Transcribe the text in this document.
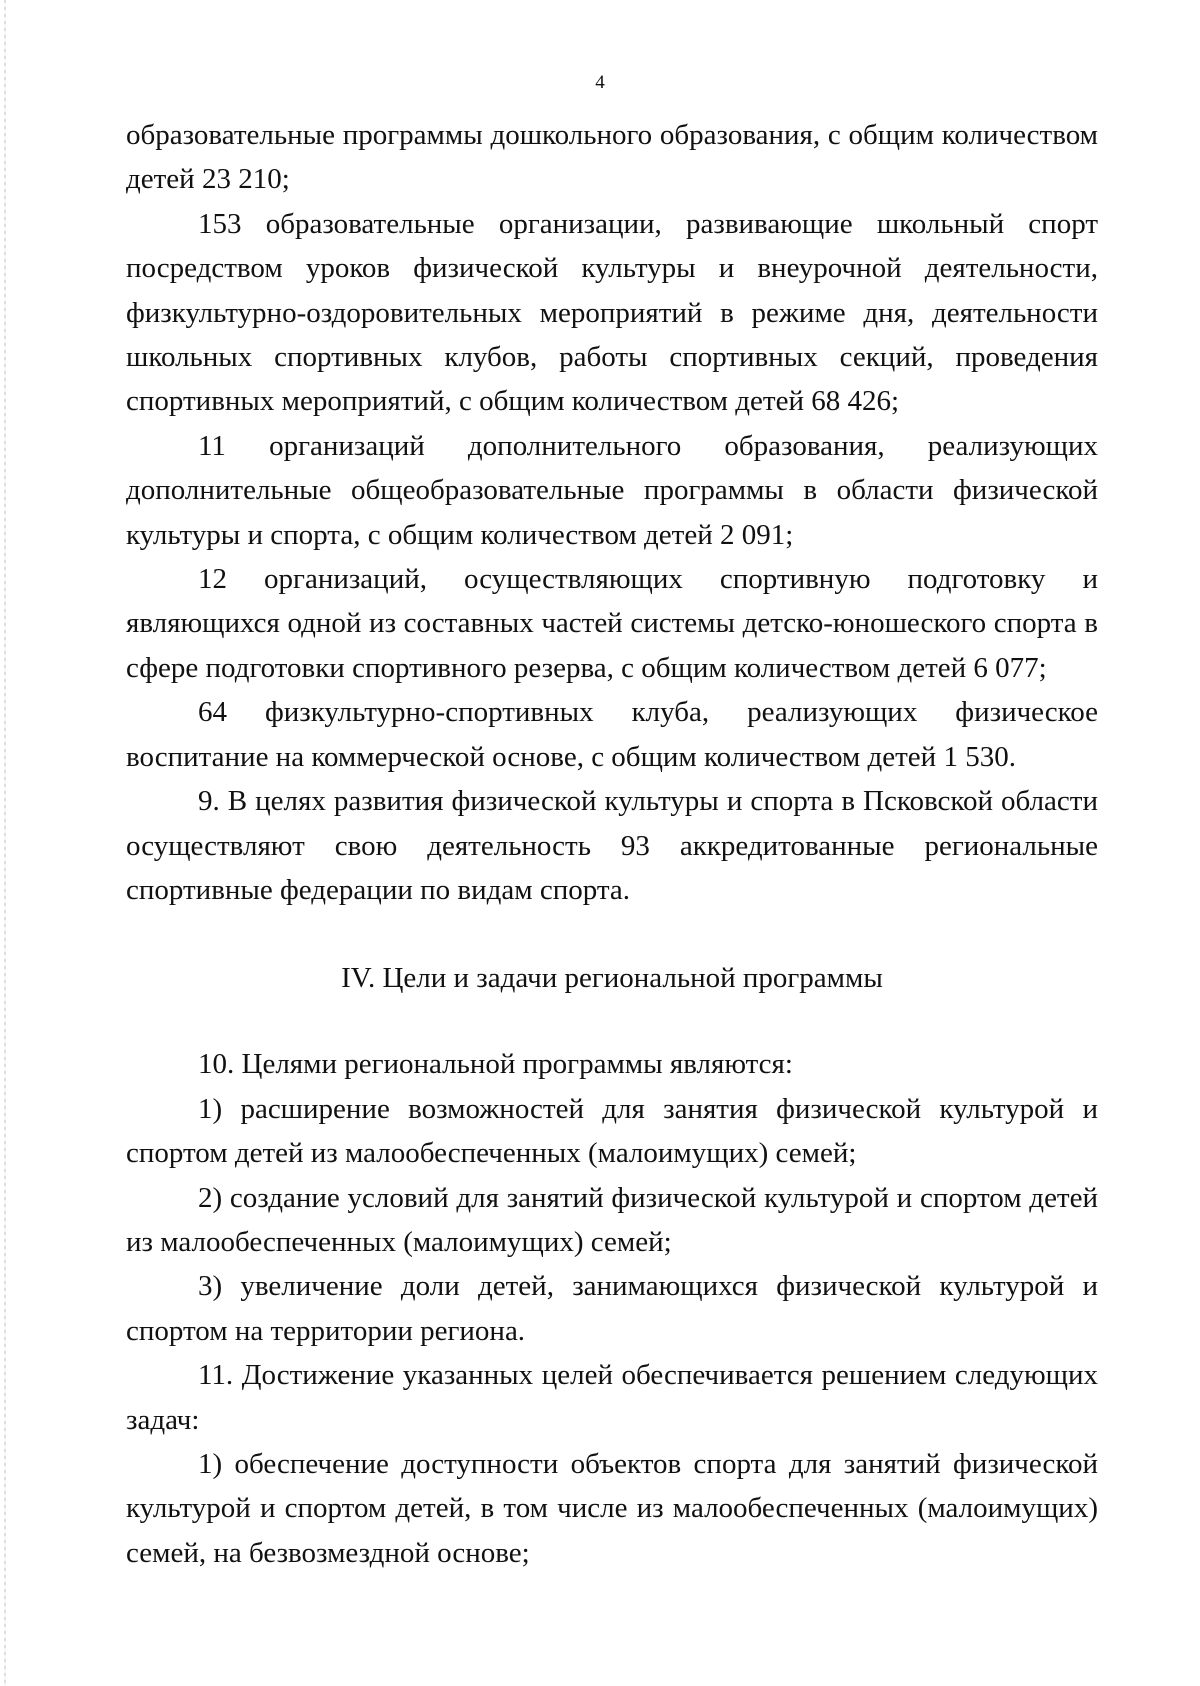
4

образовательные программы дошкольного образования, с общим количеством детей 23 210;

153 образовательные организации, развивающие школьный спорт посредством уроков физической культуры и внеурочной деятельности, физкультурно-оздоровительных мероприятий в режиме дня, деятельности школьных спортивных клубов, работы спортивных секций, проведения спортивных мероприятий, с общим количеством детей 68 426;

11 организаций дополнительного образования, реализующих дополнительные общеобразовательные программы в области физической культуры и спорта, с общим количеством детей 2 091;

12 организаций, осуществляющих спортивную подготовку и являющихся одной из составных частей системы детско-юношеского спорта в сфере подготовки спортивного резерва, с общим количеством детей 6 077;

64 физкультурно-спортивных клуба, реализующих физическое воспитание на коммерческой основе, с общим количеством детей 1 530.

9. В целях развития физической культуры и спорта в Псковской области осуществляют свою деятельность 93 аккредитованные региональные спортивные федерации по видам спорта.

IV. Цели и задачи региональной программы

10. Целями региональной программы являются:

1) расширение возможностей для занятия физической культурой и спортом детей из малообеспеченных (малоимущих) семей;

2) создание условий для занятий физической культурой и спортом детей из малообеспеченных (малоимущих) семей;

3) увеличение доли детей, занимающихся физической культурой и спортом на территории региона.

11. Достижение указанных целей обеспечивается решением следующих задач:

1) обеспечение доступности объектов спорта для занятий физической культурой и спортом детей, в том числе из малообеспеченных (малоимущих) семей, на безвозмездной основе;
